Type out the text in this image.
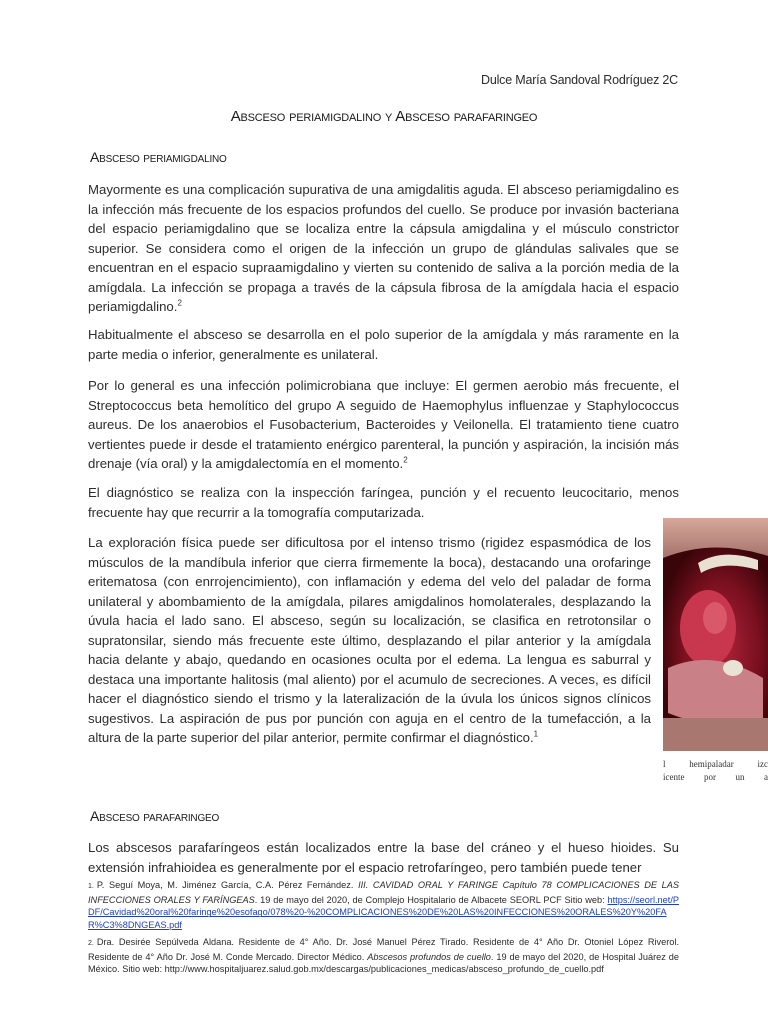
Dulce María Sandoval Rodríguez 2C
Absceso periamigdalino y Absceso parafaringeo
Absceso periamigdalino

Mayormente es una complicación supurativa de una amigdalitis aguda. El absceso periamigdalino es la infección más frecuente de los espacios profundos del cuello. Se produce por invasión bacteriana del espacio periamigdalino que se localiza entre la cápsula amigdalina y el músculo constrictor superior. Se considera como el origen de la infección un grupo de glándulas salivales que se encuentran en el espacio supraamigdalino y vierten su contenido de saliva a la porción media de la amígdala. La infección se propaga a través de la cápsula fibrosa de la amígdala hacia el espacio periamigdalino.$^2$

Habitualmente el absceso se desarrolla en el polo superior de la amígdala y más raramente en la parte media o inferior, generalmente es unilateral.

Por lo general es una infección polimicrobiana que incluye: El germen aerobio más frecuente, el Streptococcus beta hemolítico del grupo A seguido de Haemophylus influenzae y Staphylococcus aureus. De los anaerobios el Fusobacterium, Bacteroides y Veilonella. El tratamiento tiene cuatro vertientes puede ir desde el tratamiento enérgico parenteral, la punción y aspiración, la incisión más drenaje (vía oral) y la amigdalectomía en el momento.$^2$

El diagnóstico se realiza con la inspección faríngea, punción y el recuento leucocitario, menos frecuente hay que recurrir a la tomografía computarizada.

La exploración física puede ser dificultosa por el intenso trismo (rigidez espasmódica de los músculos de la mandíbula inferior que cierra firmemente la boca), destacando una orofaringe eritematosa (con enrrojencimiento), con inflamación y edema del velo del paladar de forma unilateral y abombamiento de la amígdala, pilares amigdalinos homolaterales, desplazando la úvula hacia el lado sano. El absceso, según su localización, se clasifica en retrotonsilar o supratonsilar, siendo más frecuente este último, desplazando el pilar anterior y la amígdala hacia delante y abajo, quedando en ocasiones oculta por el edema. La lengua es saburral y destaca una importante halitosis (mal aliento) por el acumulo de secreciones. A veces, es difícil hacer el diagnóstico siendo el trismo y la lateralización de la úvula los únicos signos clínicos sugestivos. La aspiración de pus por punción con aguja en el centro de la tumefacción, a la altura de la parte superior del pilar anterior, permite confirmar el diagnóstico.$^1$

l hemipaladar izc
icente por un a
Absceso parafaringeo

Los abscesos parafaríngeos están localizados entre la base del cráneo y el hueso hioides. Su extensión infrahioidea es generalmente por el espacio retrofaríngeo, pero también puede tener

1. P. Seguí Moya, M. Jiménez García, C.A. Pérez Fernández. III. CAVIDAD ORAL Y FARINGE Capítulo 78 COMPLICACIONES DE LAS INFECCIONES ORALES Y FARÍNGEAS. 19 de mayo del 2020, de Complejo Hospitalario de Albacete SEORL PCF Sitio web: https://seorl.net/PDF/Cavidad%20oral%20faringe%20esofago/078%20-%20COMPLICACIONES%20DE%20LAS%20INFECCIONES%20ORALES%20Y%20FAR%C3%8DNGEAS.pdf
2. Dra. Desirée Sepúlveda Aldana. Residente de 4° Año. Dr. José Manuel Pérez Tirado. Residente de 4° Año Dr. Otoniel López Riverol. Residente de 4° Año Dr. José M. Conde Mercado. Director Médico. Abscesos profundos de cuello. 19 de mayo del 2020, de Hospital Juárez de México. Sitio web: http://www.hospitaljuarez.salud.gob.mx/descargas/publicaciones_medicas/absceso_profundo_de_cuello.pdf
